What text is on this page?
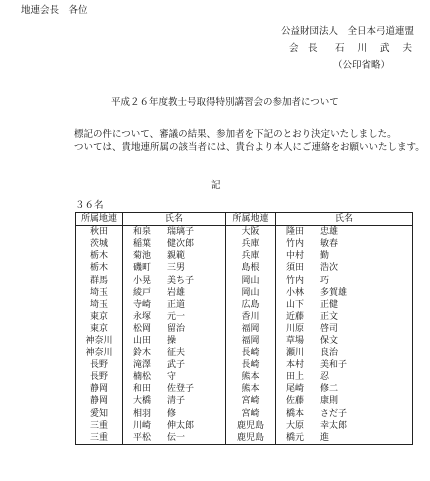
地連会長　各位
公益財団法人　全日本弓道連盟
会　長 石 川 武 夫
（公印省略）
平成２６年度教士号取得特別講習会の参加者について
標記の件について、審議の結果、参加者を下記のとおり決定いたしました。
ついては、貴地連所属の該当者には、貴台より本人にご連絡をお願いいたします。
記
３６名
所属地連	氏名	所属地連	氏名
秋田	和泉 瑞璃子	大阪	隆田 忠雄
茨城	稲葉 健次郎	兵庫	竹内 敏春
栃木	菊池 親範	兵庫	中村 勤
栃木	磯町 三男	島根	須田 浩次
群馬	小晃 美ち子	岡山	竹内 巧
埼玉	綾戸 岩雄	岡山	小林 多賀雄
埼玉	寺崎 正道	広島	山下 正健
東京	永塚 元一	香川	近藤 正文
東京	松岡 留治	福岡	川原 啓司
神奈川	山田 操	福岡	草場 保文
神奈川	鈴木 征夫	長崎	瀬川 良治
長野	滝澤 武子	長崎	本村 美和子
長野	楠松 守	熊本	田上 忍
静岡	和田 佐登子	熊本	尾崎 修二
静岡	大橋 清子	宮崎	佐藤 康則
愛知	相羽 修	宮崎	橋本 さだ子
三重	川崎 伸太郎	鹿児島	大原 幸太郎
三重	平松 伝一	鹿児島	橋元 進
